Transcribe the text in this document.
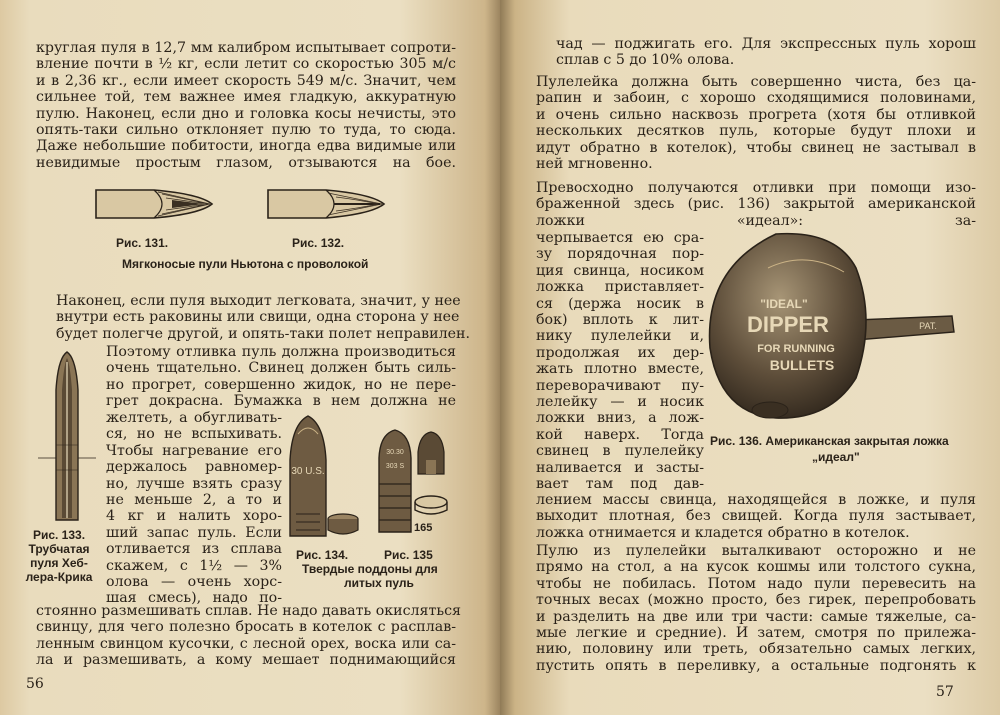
круглая пуля в 12,7 мм калибром испытывает сопроти-
вление почти в ½ кг, если летит со скоростью 305 м/с
и в 2,36 кг., если имеет скорость 549 м/с. Значит, чем
сильнее той, тем важнее имея гладкую, аккуратную
пулю. Наконец, если дно и головка косы нечисты, это
опять-таки сильно отклоняет пулю то туда, то сюда.
Даже небольшие побитости, иногда едва видимые или
невидимые простым глазом, отзываются на бое.
Рис. 131.	Рис. 132.
Мягконосые пули Ньютона с проволокой
Наконец, если пуля выходит легковата, значит, у нее
внутри есть раковины или свищи, одна сторона у нее
будет полегче другой, и опять-таки полет неправилен.
Поэтому отливка пуль должна производиться
очень тщательно. Свинец должен быть силь-
но прогрет, совершенно жидок, но не пере-
грет докрасна. Бумажка в нем должна не
желтеть, а обугливать-
ся, но не вспыхивать.
Чтобы нагревание его
держалось равномер-
но, лучше взять сразу
не меньше 2, а то и
4 кг и налить хоро-
ший запас пуль. Если
отливается из сплава
скажем, с 1½ — 3%
олова — очень хорс-
шая смесь), надо по-
стоянно размешивать сплав. Не надо давать окисляться
свинцу, для чего полезно бросать в котелок с расплав-
ленным свинцом кусочки, с лесной орех, воска или са-
ла и размешивать, а кому мешает поднимающийся
Рис. 133.
Трубчатая
пуля Хеб-
лера-Крика
30 U.S.
30.30
303 S
165
Рис. 134.	Рис. 135
Твердые поддоны для
литых пуль
56
чад — поджигать его. Для экспрессных пуль хорош
сплав с 5 до 10% олова.
Пулелейка должна быть совершенно чиста, без ца-
рапин и забоин, с хорошо сходящимися половинами,
и очень сильно насквозь прогрета (хотя бы отливкой
нескольких десятков пуль, которые будут плохи и
идут обратно в котелок), чтобы свинец не застывал в
ней мгновенно.
Превосходно получаются отливки при помощи изо-
браженной здесь (рис. 136) закрытой американской
ложки «идеал»: за-
черпывается ею сра-
зу порядочная пор-
ция свинца, носиком
ложка приставляет-
ся (держа носик в
бок) вплоть к лит-
нику пулелейки и,
продолжая их дер-
жать плотно вместе,
переворачивают пу-
лелейку — и носик
ложки вниз, а лож-
кой наверх. Тогда
свинец в пулелейку
наливается и засты-
вает там под дав-
лением массы свинца, находящейся в ложке, и пуля
выходит плотная, без свищей. Когда пуля застывает,
ложка отнимается и кладется обратно в котелок.
Пулю из пулелейки выталкивают осторожно и не
прямо на стол, а на кусок кошмы или толстого сукна,
чтобы не побилась. Потом надо пули перевесить на
точных весах (можно просто, без гирек, перепробовать
и разделить на две или три части: самые тяжелые, са-
мые легкие и средние). И затем, смотря по прилежа-
нию, половину или треть, обязательно самых легких,
пустить опять в переливку, а остальные подгонять к
"IDEAL"
DIPPER
FOR RUNNING
BULLETS
PAT.
Рис. 136. Американская закрытая ложка
„идеал"
57
